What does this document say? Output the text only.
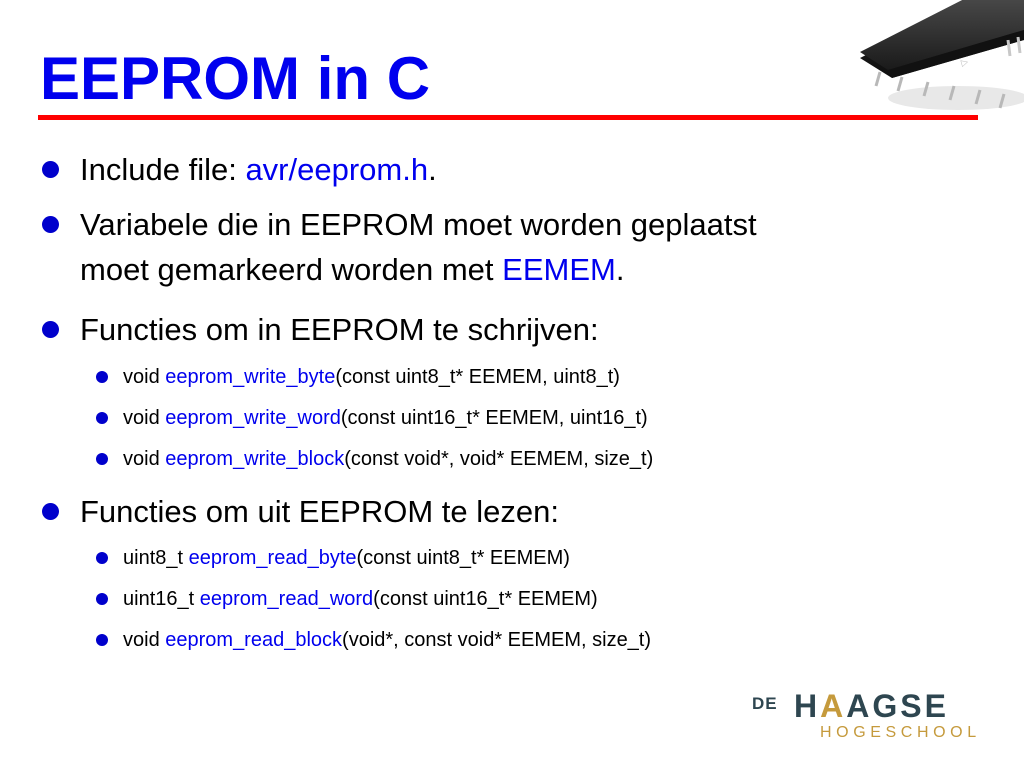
EEPROM in C	▷
Include file: avr/eeprom.h.
Variabele die in EEPROM moet worden geplaatst
moet gemarkeerd worden met EEMEM.
Functies om in EEPROM te schrijven:
void eeprom_write_byte(const uint8_t* EEMEM, uint8_t)
void eeprom_write_word(const uint16_t* EEMEM, uint16_t)
void eeprom_write_block(const void*, void* EEMEM, size_t)
Functies om uit EEPROM te lezen:
uint8_t eeprom_read_byte(const uint8_t* EEMEM)
uint16_t eeprom_read_word(const uint16_t* EEMEM)
void eeprom_read_block(void*, const void* EEMEM, size_t)
DE HAAGSE
HOGESCHOOL
